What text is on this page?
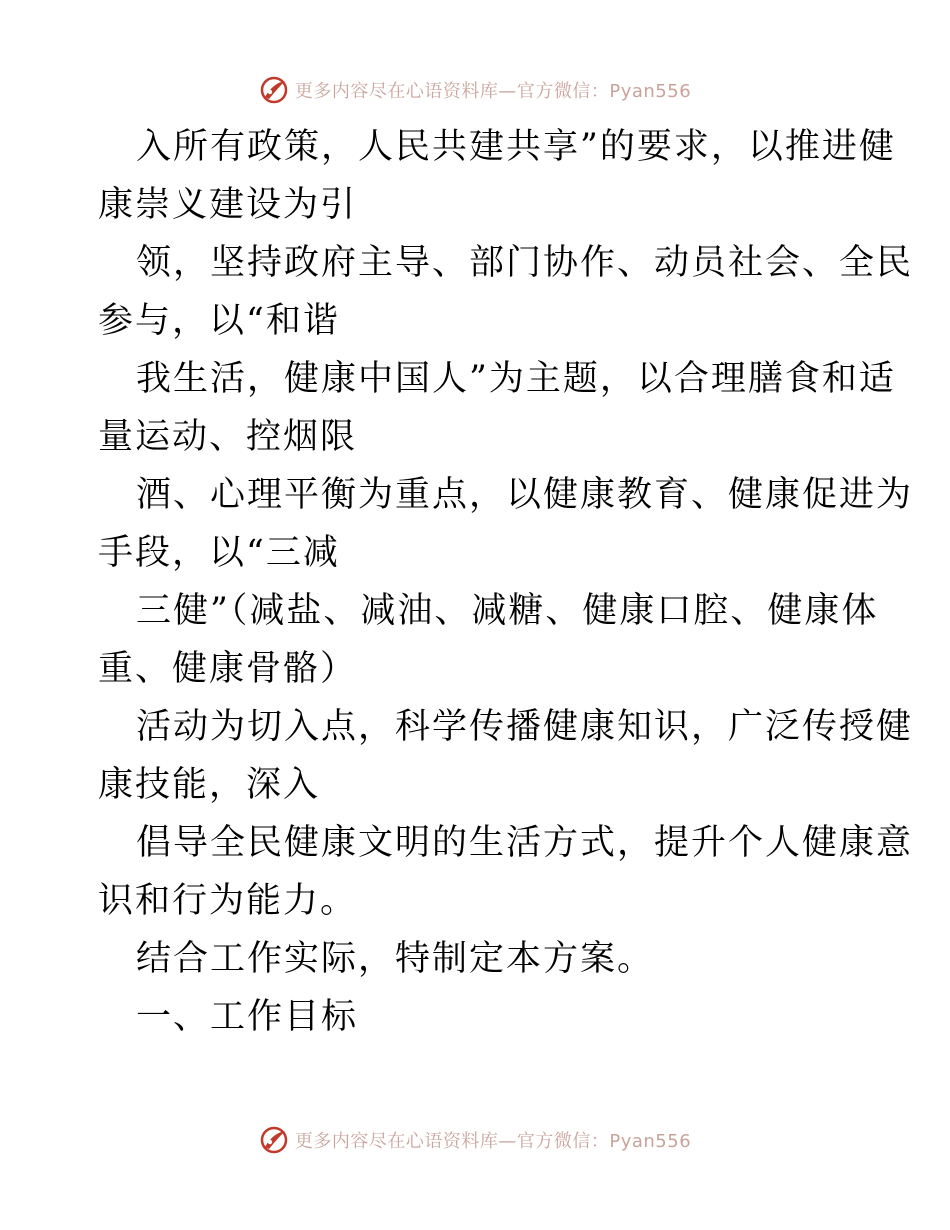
更多内容尽在心语资料库—官方微信：Pyan556
入所有政策，人民共建共享”的要求，以推进健
康崇义建设为引
领，坚持政府主导、部门协作、动员社会、全民
参与，以“和谐
我生活，健康中国人”为主题，以合理膳食和适
量运动、控烟限
酒、心理平衡为重点，以健康教育、健康促进为
手段，以“三减
三健”（减盐、减油、减糖、健康口腔、健康体
重、健康骨骼）
活动为切入点，科学传播健康知识，广泛传授健
康技能，深入
倡导全民健康文明的生活方式，提升个人健康意
识和行为能力。
结合工作实际，特制定本方案。
一、工作目标
更多内容尽在心语资料库—官方微信：Pyan556
